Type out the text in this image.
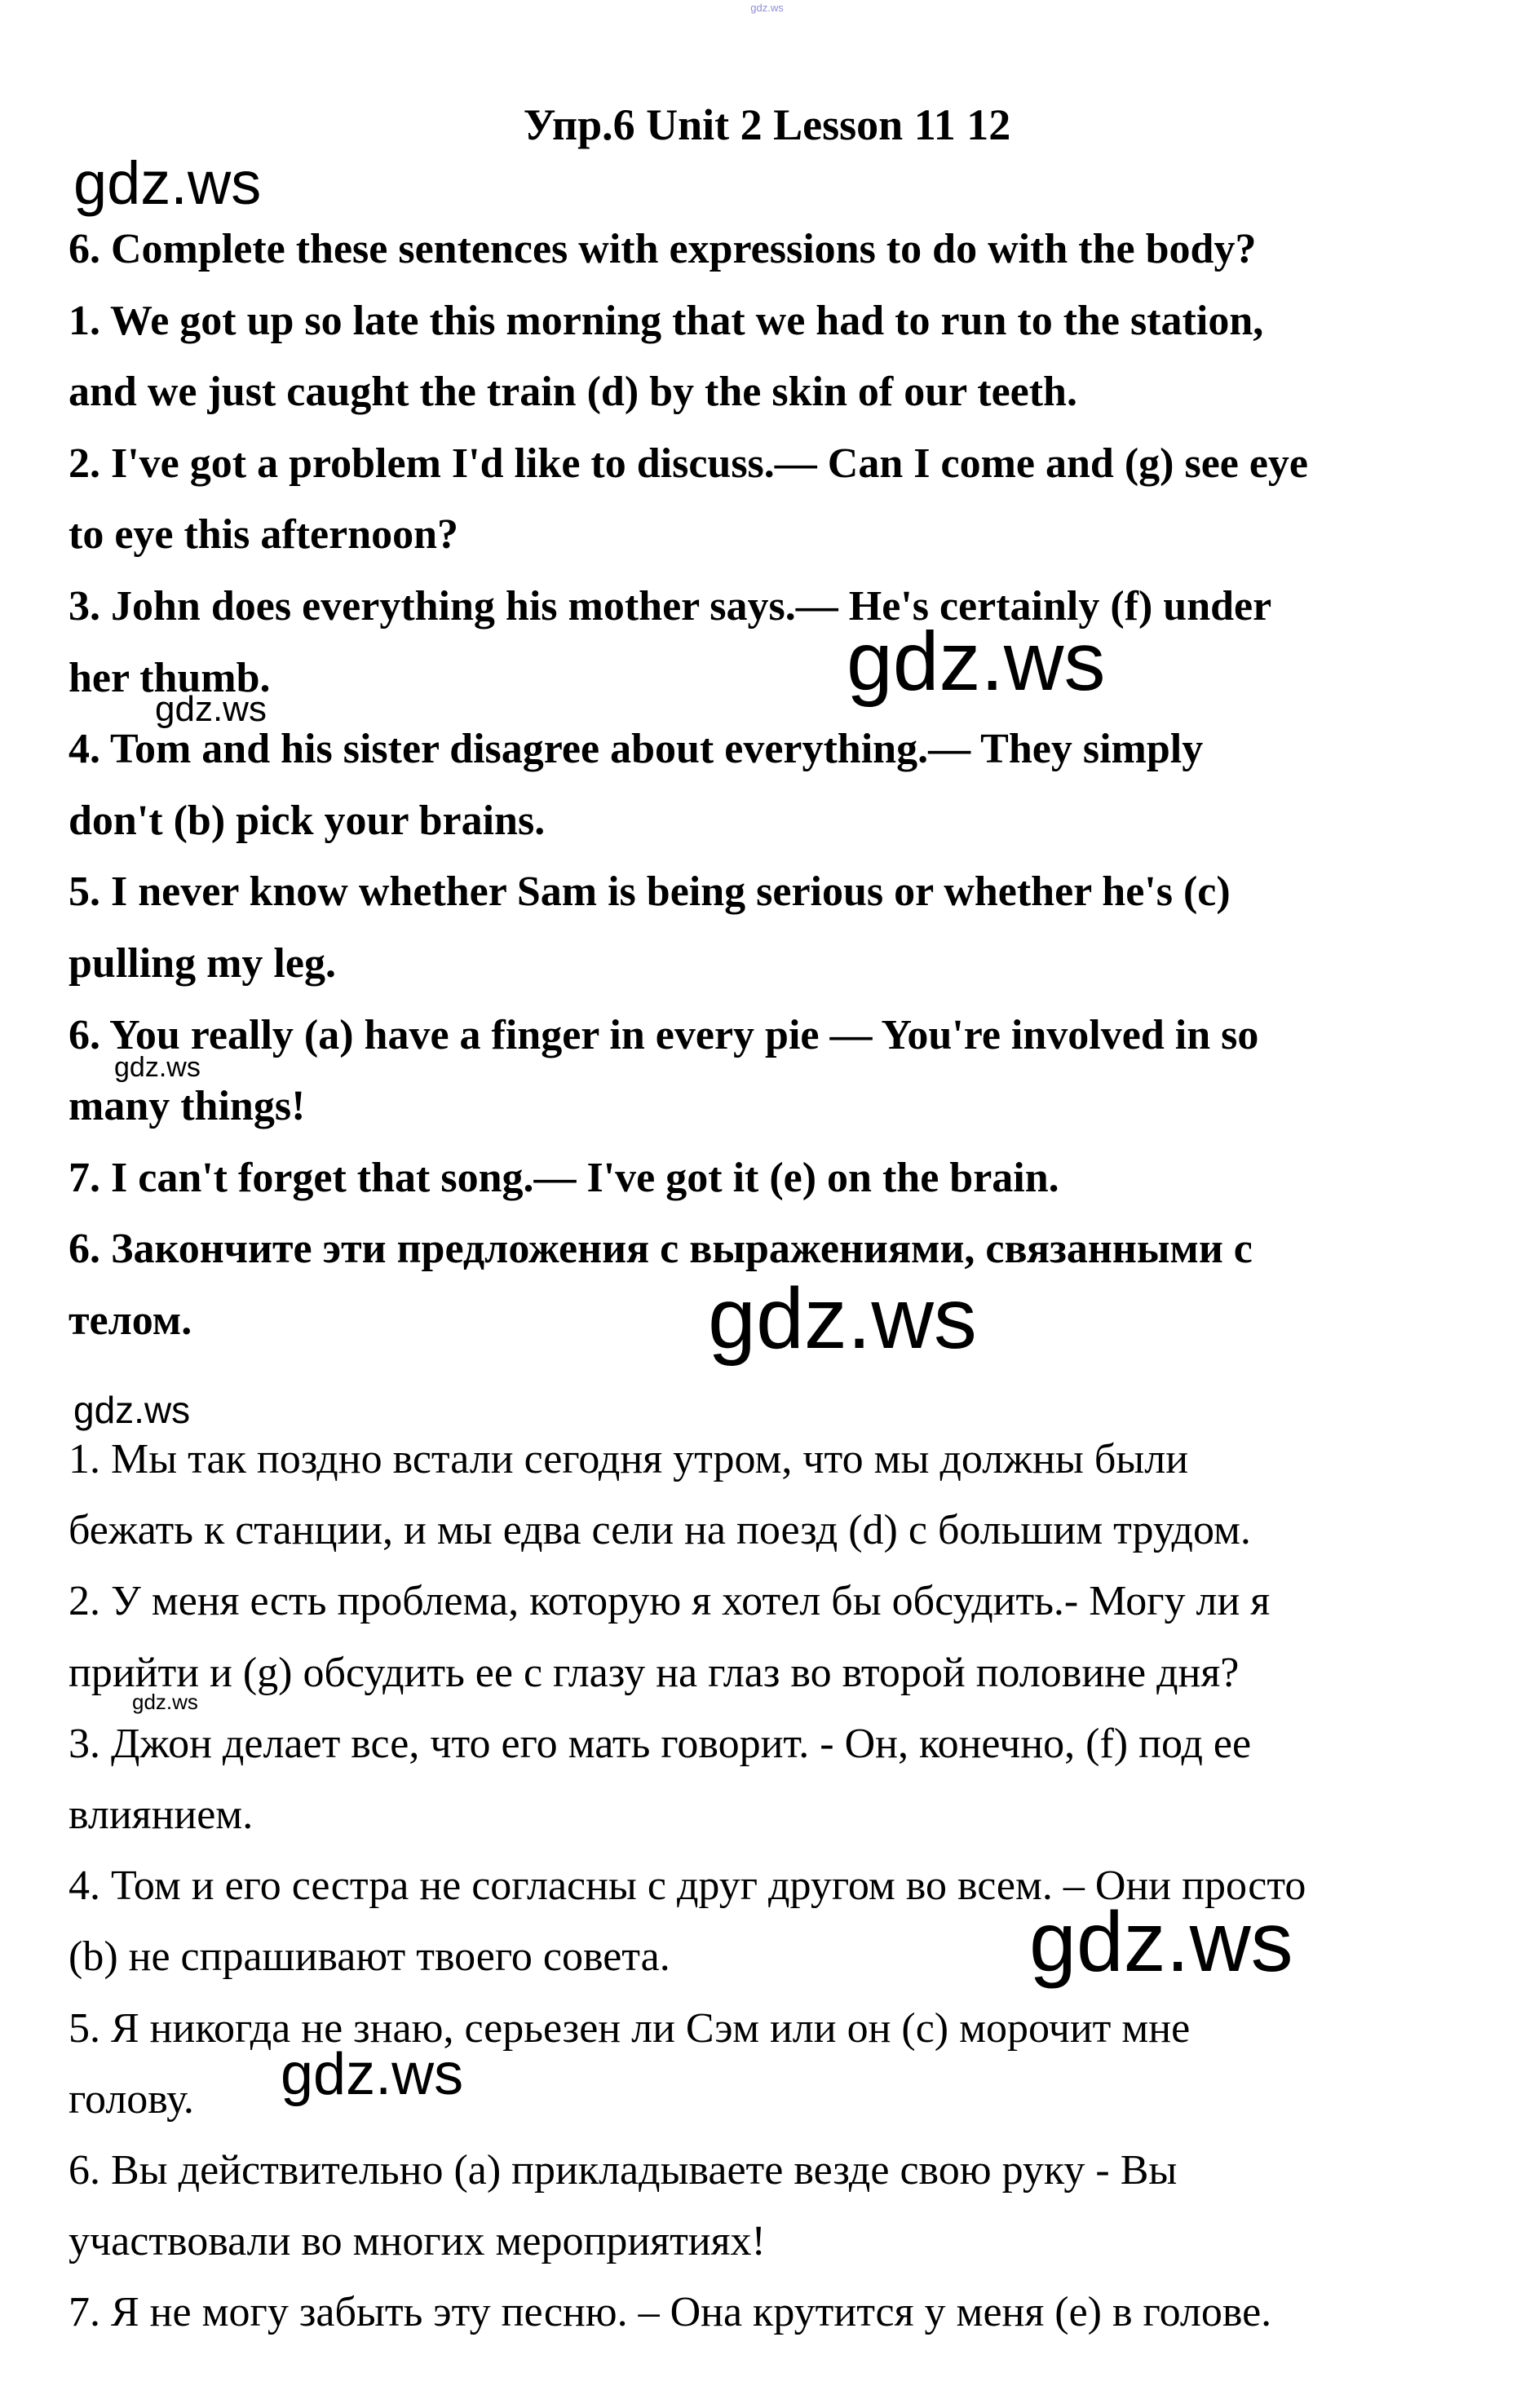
gdz.ws
Упр.6 Unit 2 Lesson 11 12
6. Complete these sentences with expressions to do with the body?
1. We got up so late this morning that we had to run to the station,
and we just caught the train (d) by the skin of our teeth.
2. I've got a problem I'd like to discuss.— Can I come and (g) see eye
to eye this afternoon?
3. John does everything his mother says.— He's certainly (f) under
her thumb.
4. Tom and his sister disagree about everything.— They simply
don't (b) pick your brains.
5. I never know whether Sam is being serious or whether he's (c)
pulling my leg.
6. You really (a) have a finger in every pie — You're involved in so
many things!
7. I can't forget that song.— I've got it (e) on the brain.
6. Закончите эти предложения с выражениями, связанными с
телом.
1. Мы так поздно встали сегодня утром, что мы должны были
бежать к станции, и мы едва сели на поезд (d) с большим трудом.
2. У меня есть проблема, которую я хотел бы обсудить.- Могу ли я
прийти и (g) обсудить ее с глазу на глаз во второй половине дня?
3. Джон делает все, что его мать говорит. - Он, конечно, (f) под ее
влиянием.
4. Том и его сестра не согласны с друг другом во всем. – Они просто
(b) не спрашивают твоего совета.
5. Я никогда не знаю, серьезен ли Сэм или он (c) морочит мне
голову.
6. Вы действительно (a) прикладываете везде свою руку - Вы
участвовали во многих мероприятиях!
7. Я не могу забыть эту песню. – Она крутится у меня (e) в голове.
gdz.ws
gdz.ws
gdz.ws
gdz.ws
gdz.ws
gdz.ws
gdz.ws
gdz.ws
gdz.ws
